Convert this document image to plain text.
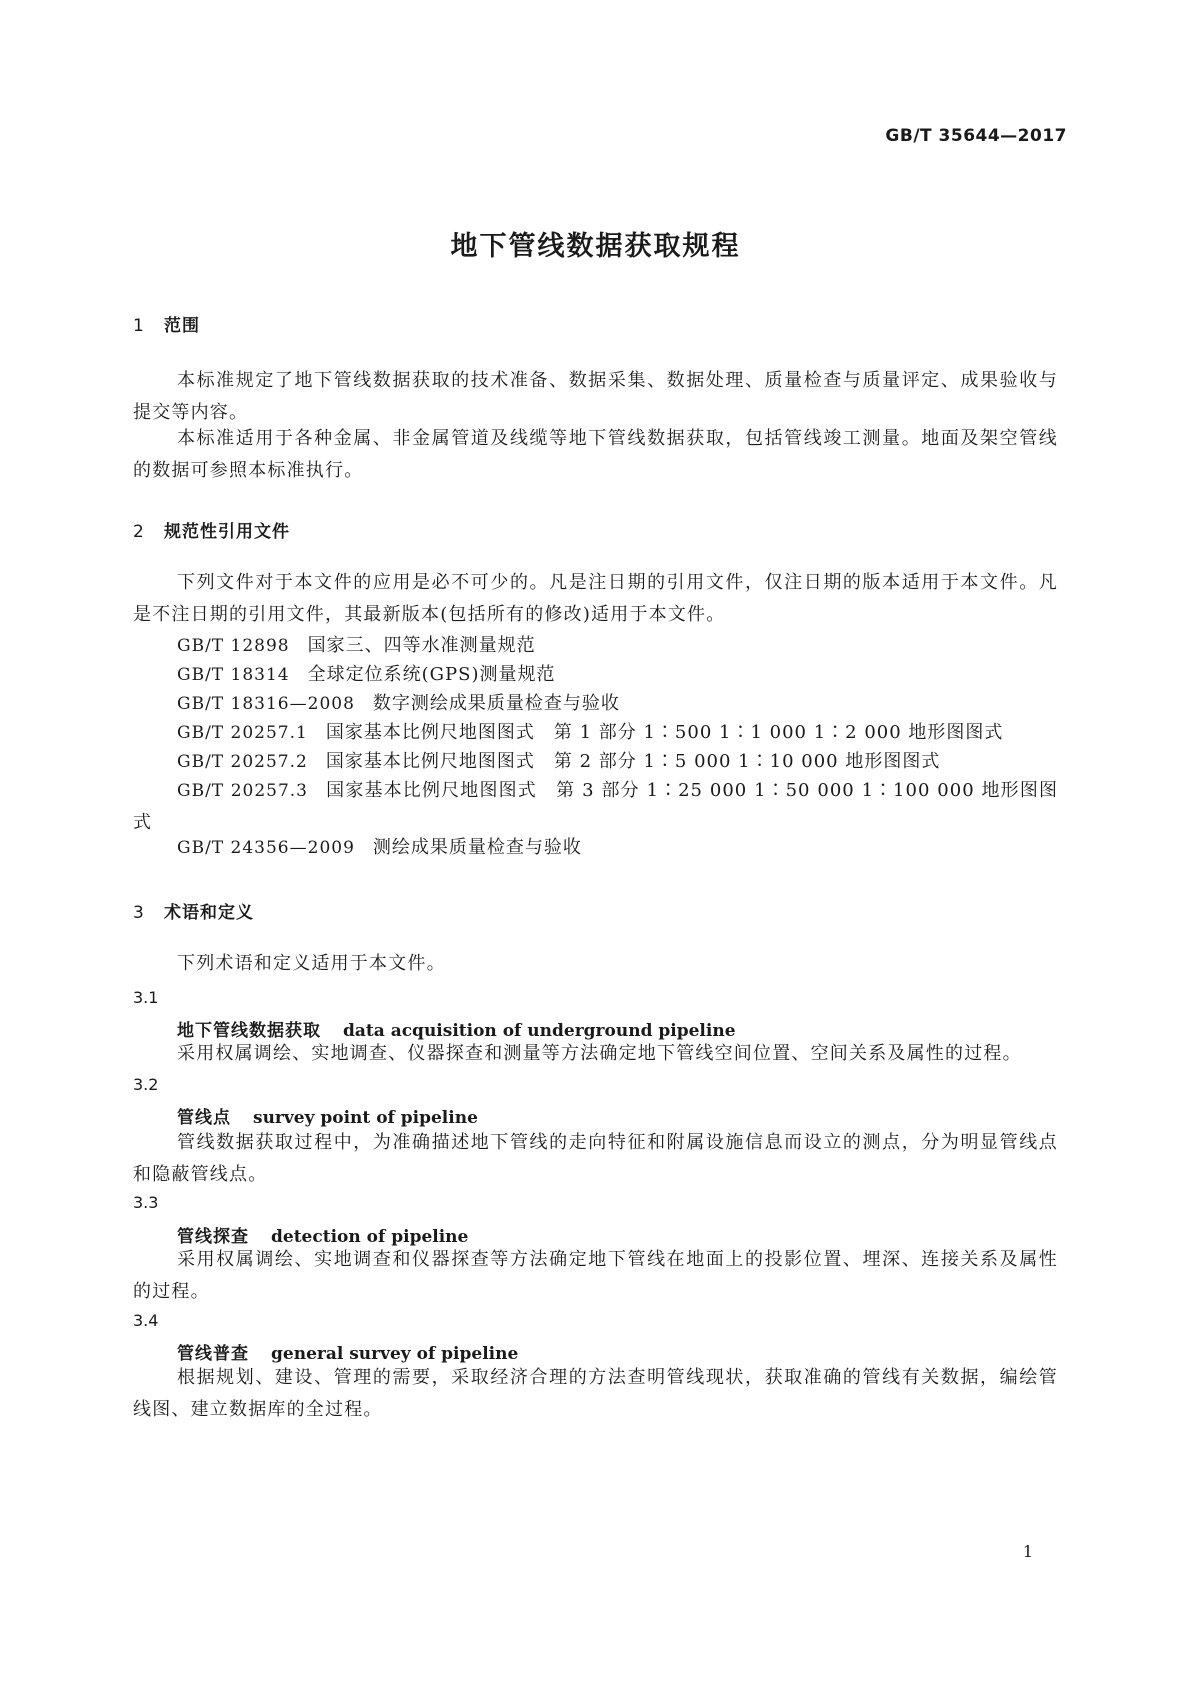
GB/T 35644—2017
地下管线数据获取规程
1 范围
本标准规定了地下管线数据获取的技术准备、数据采集、数据处理、质量检查与质量评定、成果验收与提交等内容。
本标准适用于各种金属、非金属管道及线缆等地下管线数据获取，包括管线竣工测量。地面及架空管线的数据可参照本标准执行。
2 规范性引用文件
下列文件对于本文件的应用是必不可少的。凡是注日期的引用文件，仅注日期的版本适用于本文件。凡是不注日期的引用文件，其最新版本(包括所有的修改)适用于本文件。
GB/T 12898 国家三、四等水准测量规范
GB/T 18314 全球定位系统(GPS)测量规范
GB/T 18316—2008 数字测绘成果质量检查与验收
GB/T 20257.1 国家基本比例尺地图图式　第 1 部分 1∶500 1∶1 000 1∶2 000 地形图图式
GB/T 20257.2 国家基本比例尺地图图式　第 2 部分 1∶5 000 1∶10 000 地形图图式
GB/T 20257.3 国家基本比例尺地图图式　第 3 部分 1∶25 000 1∶50 000 1∶100 000 地形图图式
GB/T 24356—2009 测绘成果质量检查与验收
3 术语和定义
下列术语和定义适用于本文件。
3.1
地下管线数据获取 data acquisition of underground pipeline
采用权属调绘、实地调查、仪器探查和测量等方法确定地下管线空间位置、空间关系及属性的过程。
3.2
管线点 survey point of pipeline
管线数据获取过程中，为准确描述地下管线的走向特征和附属设施信息而设立的测点，分为明显管线点和隐蔽管线点。
3.3
管线探查 detection of pipeline
采用权属调绘、实地调查和仪器探查等方法确定地下管线在地面上的投影位置、埋深、连接关系及属性的过程。
3.4
管线普查 general survey of pipeline
根据规划、建设、管理的需要，采取经济合理的方法查明管线现状，获取准确的管线有关数据，编绘管线图、建立数据库的全过程。
1
